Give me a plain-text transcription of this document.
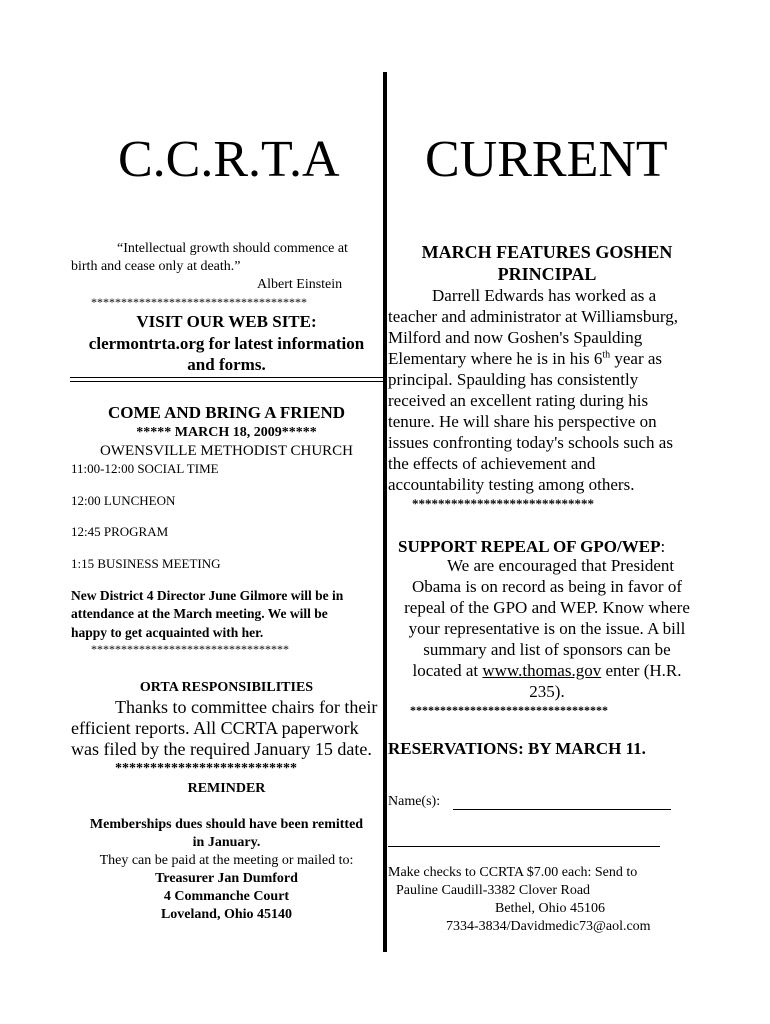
C.C.R.T.A CURRENT
“Intellectual growth should commence at
birth and cease only at death.”
Albert Einstein
************************************
VISIT OUR WEB SITE:
clermontrta.org for latest information
and forms.
COME AND BRING A FRIEND
***** MARCH 18, 2009*****
OWENSVILLE METHODIST CHURCH
11:00-12:00 SOCIAL TIME
12:00 LUNCHEON
12:45 PROGRAM
1:15 BUSINESS MEETING
New District 4 Director June Gilmore will be in
attendance at the March meeting. We will be
happy to get acquainted with her.
*********************************
ORTA RESPONSIBILITIES
Thanks to committee chairs for their
efficient reports. All CCRTA paperwork
was filed by the required January 15 date.
**************************
REMINDER
Memberships dues should have been remitted
in January.
They can be paid at the meeting or mailed to:
Treasurer Jan Dumford
4 Commanche Court
Loveland, Ohio 45140
MARCH FEATURES GOSHEN
PRINCIPAL
Darrell Edwards has worked as a
teacher and administrator at Williamsburg,
Milford and now Goshen's Spaulding
Elementary where he is in his 6th year as
principal. Spaulding has consistently
received an excellent rating during his
tenure. He will share his perspective on
issues confronting today's schools such as
the effects of achievement and
accountability testing among others.
****************************
SUPPORT REPEAL OF GPO/WEP:
We are encouraged that President
Obama is on record as being in favor of
repeal of the GPO and WEP. Know where
your representative is on the issue. A bill
summary and list of sponsors can be
located at www.thomas.gov enter (H.R.
235).
*********************************
RESERVATIONS: BY MARCH 11.
Name(s):
Make checks to CCRTA $7.00 each: Send to
Pauline Caudill-3382 Clover Road
Bethel, Ohio 45106
7334-3834/Davidmedic73@aol.com
